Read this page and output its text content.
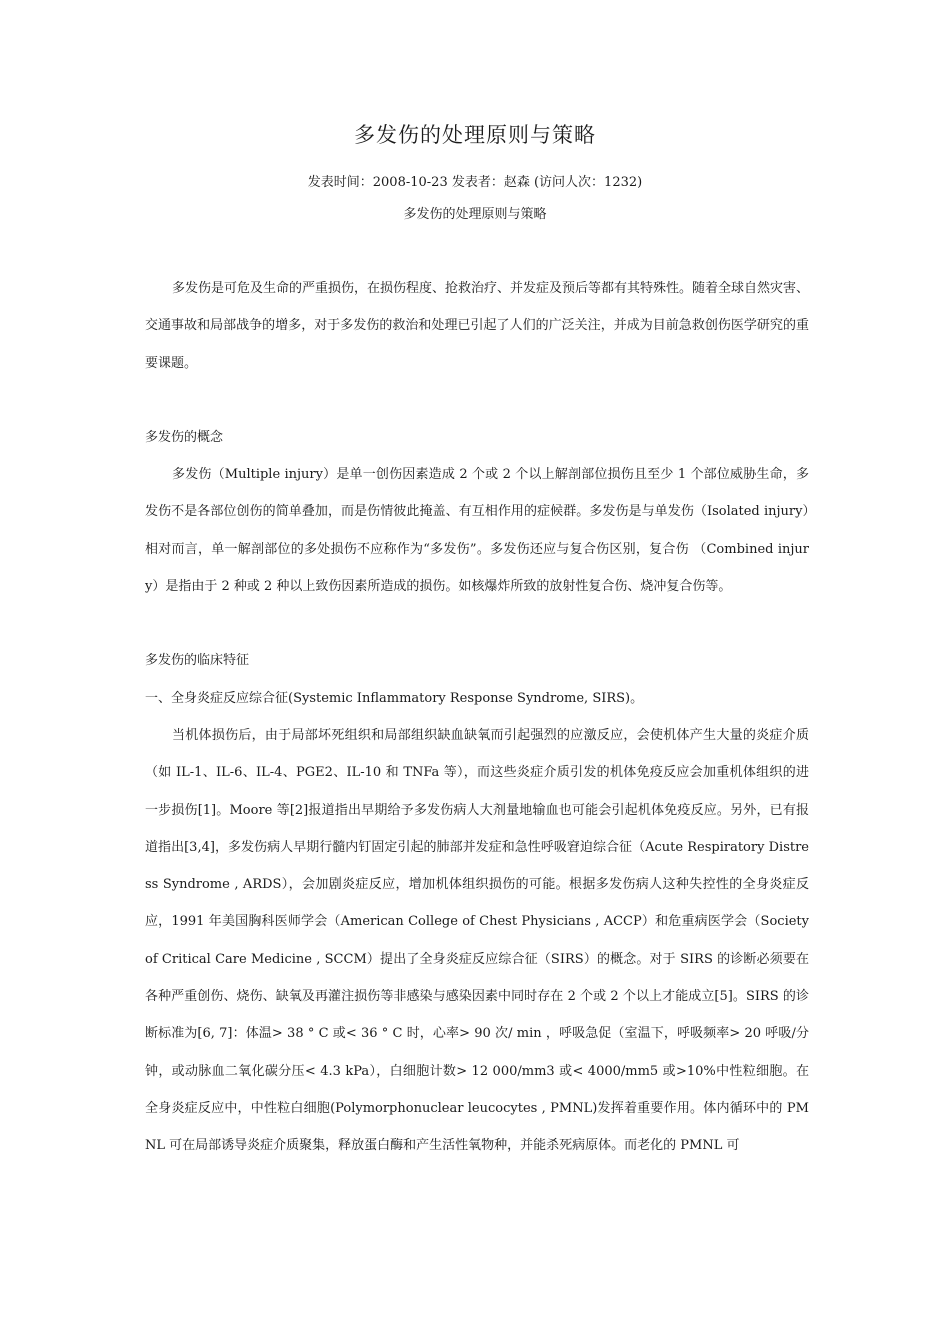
多发伤的处理原则与策略
发表时间：2008-10-23 发表者：赵森 (访问人次：1232)
多发伤的处理原则与策略

多发伤是可危及生命的严重损伤，在损伤程度、抢救治疗、并发症及预后等都有其特殊性。随着全球自然灾害、交通事故和局部战争的增多，对于多发伤的救治和处理已引起了人们的广泛关注，并成为目前急救创伤医学研究的重要课题。

多发伤的概念

多发伤（Multiple injury）是单一创伤因素造成 2 个或 2 个以上解剖部位损伤且至少 1 个部位威胁生命，多发伤不是各部位创伤的简单叠加，而是伤情彼此掩盖、有互相作用的症候群。多发伤是与单发伤（Isolated injury）相对而言，单一解剖部位的多处损伤不应称作为“多发伤”。多发伤还应与复合伤区别，复合伤 （Combined injury）是指由于 2 种或 2 种以上致伤因素所造成的损伤。如核爆炸所致的放射性复合伤、烧冲复合伤等。

多发伤的临床特征

一、全身炎症反应综合征(Systemic Inflammatory Response Syndrome, SIRS)。

当机体损伤后，由于局部坏死组织和局部组织缺血缺氧而引起强烈的应激反应，会使机体产生大量的炎症介质（如 IL-1、IL-6、IL-4、PGE2、IL-10 和 TNFa 等），而这些炎症介质引发的机体免疫反应会加重机体组织的进一步损伤[1]。Moore 等[2]报道指出早期给予多发伤病人大剂量地输血也可能会引起机体免疫反应。另外，已有报道指出[3,4]，多发伤病人早期行髓内钉固定引起的肺部并发症和急性呼吸窘迫综合征（Acute Respiratory Distress Syndrome , ARDS），会加剧炎症反应，增加机体组织损伤的可能。根据多发伤病人这种失控性的全身炎症反应，1991 年美国胸科医师学会（American College of Chest Physicians , ACCP）和危重病医学会（Society of Critical Care Medicine , SCCM）提出了全身炎症反应综合征（SIRS）的概念。对于 SIRS 的诊断必须要在各种严重创伤、烧伤、缺氧及再灌注损伤等非感染与感染因素中同时存在 2 个或 2 个以上才能成立[5]。SIRS 的诊断标准为[6, 7]：体温> 38 ° C 或< 36 ° C 时，心率> 90 次/ min ，呼吸急促（室温下，呼吸频率> 20 呼吸/分钟，或动脉血二氧化碳分压< 4.3 kPa），白细胞计数> 12 000/mm3 或< 4000/mm5 或>10%中性粒细胞。在全身炎症反应中，中性粒白细胞(Polymorphonuclear leucocytes , PMNL)发挥着重要作用。体内循环中的 PMNL 可在局部诱导炎症介质聚集，释放蛋白酶和产生活性氧物种，并能杀死病原体。而老化的 PMNL 可
